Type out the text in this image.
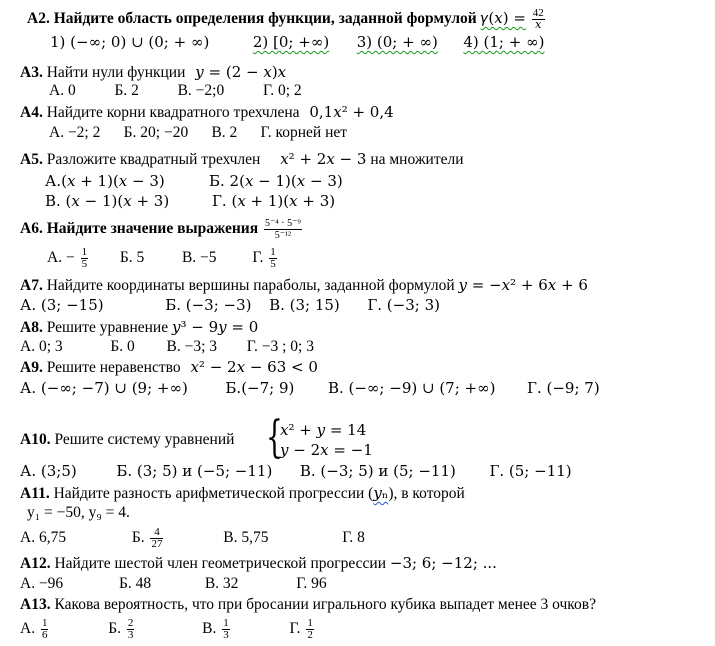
А2. Найдите область определения функции, заданной формулой 𝛾(𝑥) = $\frac{42}{\text{𝑥}}$
1) (−∞; 0) ∪ (0; + ∞)	2) [0; +∞) 3) (0; + ∞) 4) (1; + ∞)
А3. Найти нули функции 𝑦 = (2 − 𝑥)𝑥
А. 0          Б. 2          В. −2;0          Г. 0; 2
А4. Найдите корни квадратного трехчлена 0,1𝑥² + 0,4
А. −2; 2      Б. 20; −20      В. 2      Г. корней нет
А5. Разложите квадратный трехчлен 𝑥² + 2𝑥 − 3 на множители
А.(𝑥 + 1)(𝑥 − 3)	Б. 2(𝑥 − 1)(𝑥 − 3)
В. (𝑥 − 1)(𝑥 + 3)	Г. (𝑥 + 1)(𝑥 + 3)
А6. Найдите значение выражения $\frac{\text{5⁻⁴ · 5⁻⁹}}{\text{5⁻¹²}}$
А. − $\frac{1}{5} Б$. 5 В. −5 Г. $\frac{1}{5}$
А7. Найдите координаты вершины параболы, заданной формулой 𝑦 = −𝑥² + 6𝑥 + 6
А. (3; −15)	Б. (−3; −3) В. (3; 15) Г. (−3; 3)
А8. Решите уравнение 𝑦³ − 9𝑦 = 0
А. 0; 3	Б. 0 В. −3; 3 Г. −3 ; 0; 3
А9. Решите неравенство 𝑥² − 2𝑥 − 63 < 0
А. (−∞; −7) ∪ (9; +∞)	Б.(−7; 9) В. (−∞; −9) ∪ (7; +∞) Г. (−9; 7)
А10. Решите систему уравнений {
𝑥² + 𝑦 = 14
𝑦 − 2𝑥 = −1
А. (3;5)	Б. (3; 5) и (−5; −11) В. (−3; 5) и (5; −11) Г. (5; −11)
А11. Найдите разность арифметической прогрессии (𝑦ₙ), в которой
y₁ = −50, y₉ = 4.
А. 6,75	Б. $\frac{4}{27}$	В. 5,75	Г. 8
А12. Найдите шестой член геометрической прогрессии −3; 6; −12; ...
А. −96	Б. 48	В. 32	Г. 96
А13. Какова вероятность, что при бросании игрального кубика выпадет менее 3 очков?
А. $\frac{1}{6}$	Б. $\frac{2}{3}$	В. $\frac{1}{3}$	Г. $\frac{1}{2}$
